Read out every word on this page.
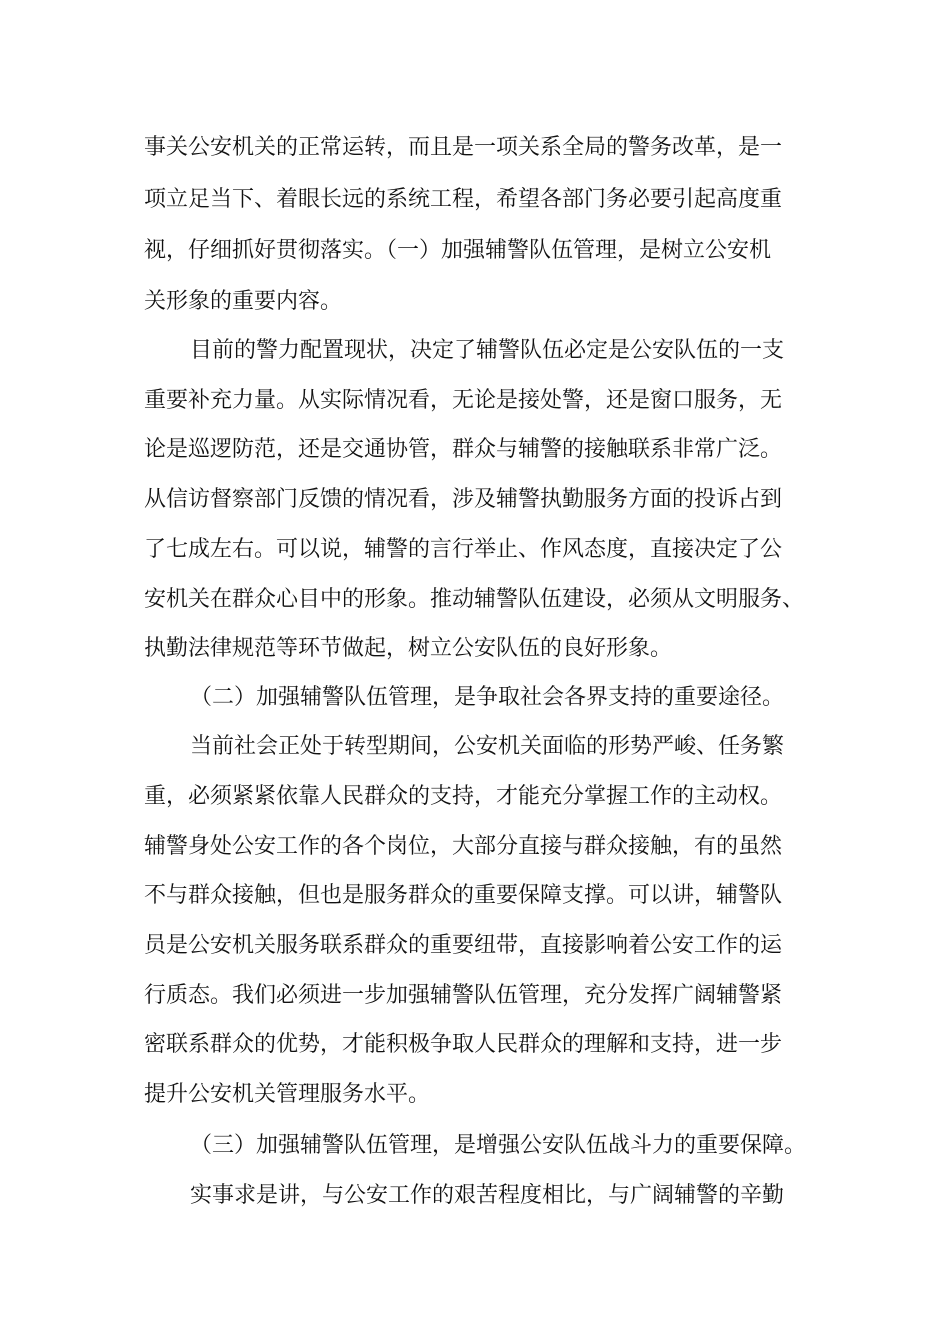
事关公安机关的正常运转，而且是一项关系全局的警务改革，是一

项立足当下、着眼长远的系统工程，希望各部门务必要引起高度重

视，仔细抓好贯彻落实。（一）加强辅警队伍管理，是树立公安机

关形象的重要内容。

目前的警力配置现状，决定了辅警队伍必定是公安队伍的一支

重要补充力量。从实际情况看，无论是接处警，还是窗口服务，无

论是巡逻防范，还是交通协管，群众与辅警的接触联系非常广泛。

从信访督察部门反馈的情况看，涉及辅警执勤服务方面的投诉占到

了七成左右。可以说，辅警的言行举止、作风态度，直接决定了公

安机关在群众心目中的形象。推动辅警队伍建设，必须从文明服务、

执勤法律规范等环节做起，树立公安队伍的良好形象。

（二）加强辅警队伍管理，是争取社会各界支持的重要途径。

当前社会正处于转型期间，公安机关面临的形势严峻、任务繁

重，必须紧紧依靠人民群众的支持，才能充分掌握工作的主动权。

辅警身处公安工作的各个岗位，大部分直接与群众接触，有的虽然

不与群众接触，但也是服务群众的重要保障支撑。可以讲，辅警队

员是公安机关服务联系群众的重要纽带，直接影响着公安工作的运

行质态。我们必须进一步加强辅警队伍管理，充分发挥广阔辅警紧

密联系群众的优势，才能积极争取人民群众的理解和支持，进一步

提升公安机关管理服务水平。

（三）加强辅警队伍管理，是增强公安队伍战斗力的重要保障。

实事求是讲，与公安工作的艰苦程度相比，与广阔辅警的辛勤
